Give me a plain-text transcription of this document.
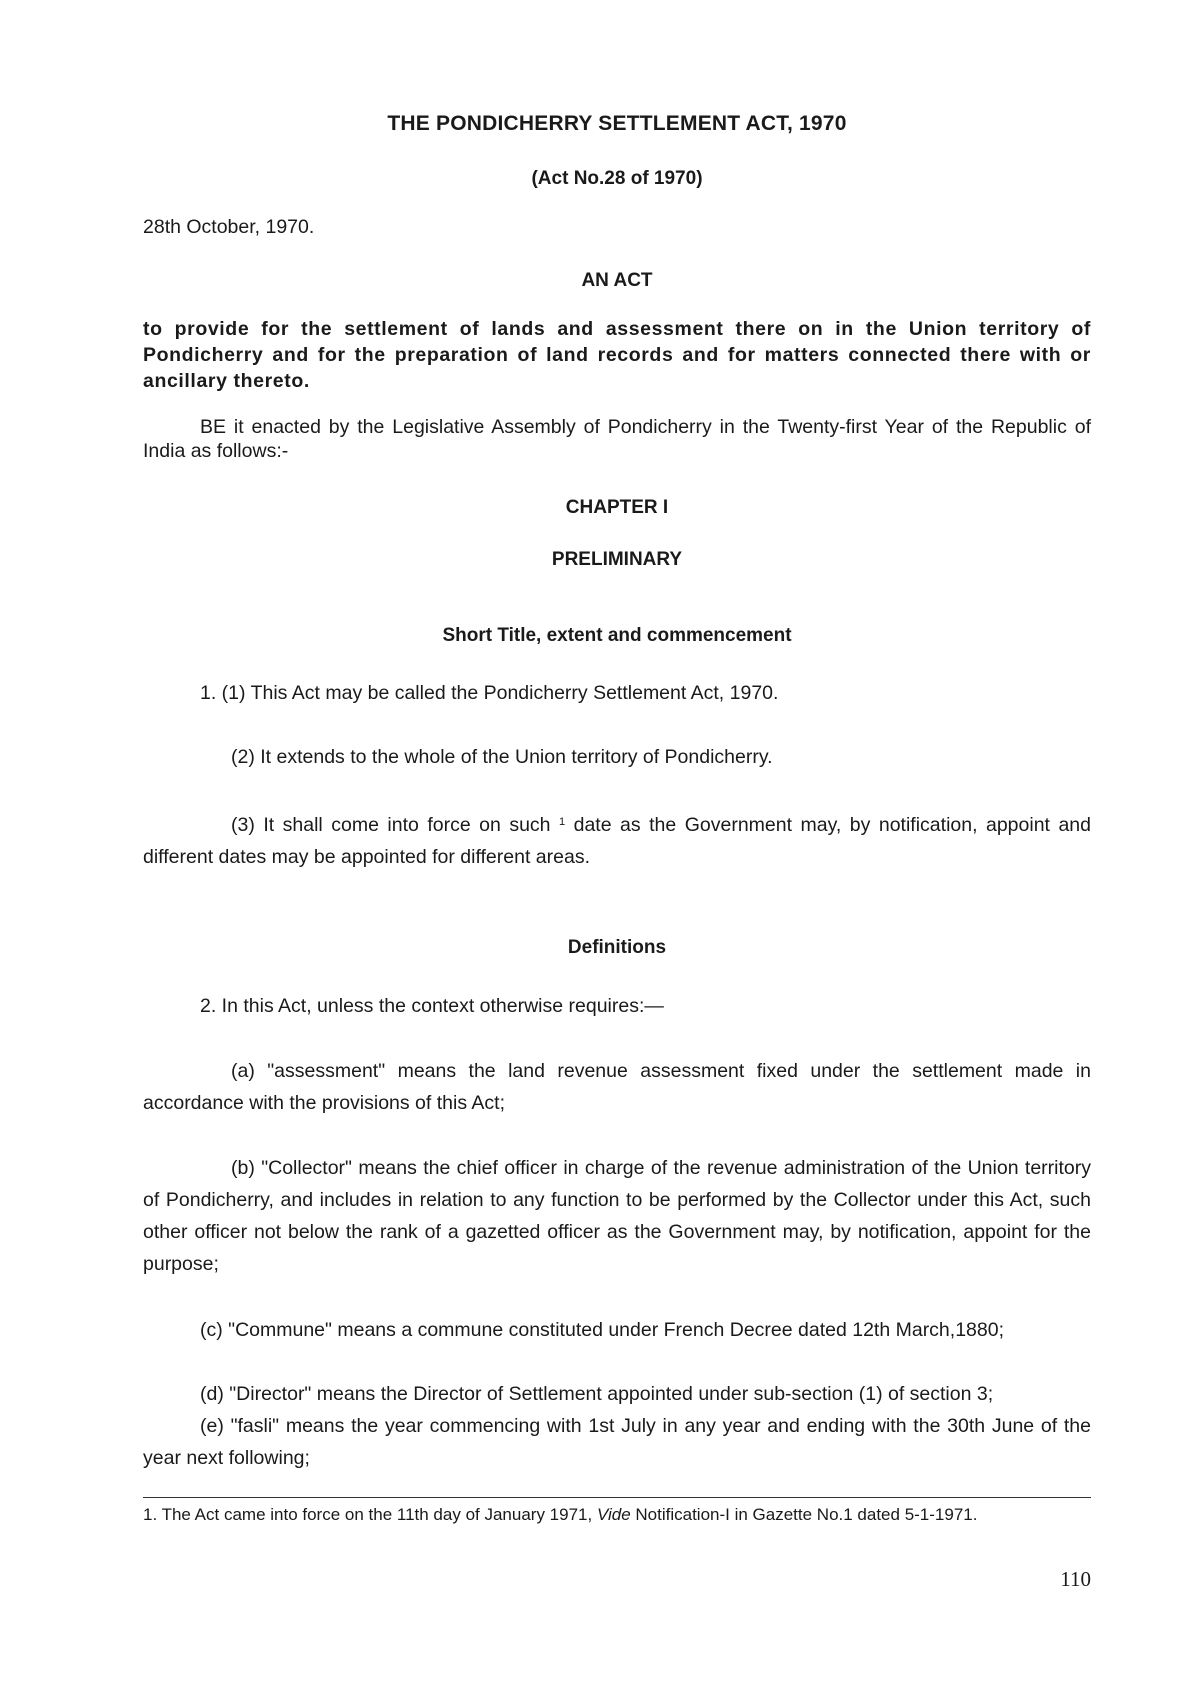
THE PONDICHERRY SETTLEMENT ACT, 1970

(Act No.28 of 1970)

28th October, 1970.

AN ACT

to provide for the settlement of lands and assessment there on in the Union territory of Pondicherry and for the preparation of land records and for matters connected there with or ancillary thereto.

BE it enacted by the Legislative Assembly of Pondicherry in the Twenty-first Year of the Republic of India as follows:-

CHAPTER I

PRELIMINARY

Short Title, extent and commencement

1. (1) This Act may be called the Pondicherry Settlement Act, 1970.

(2) It extends to the whole of the Union territory of Pondicherry.

(3) It shall come into force on such $^1$ date as the Government may, by notification, appoint and different dates may be appointed for different areas.

Definitions

2. In this Act, unless the context otherwise requires:—

(a) "assessment" means the land revenue assessment fixed under the settlement made in accordance with the provisions of this Act;

(b) "Collector" means the chief officer in charge of the revenue administration of the Union territory of Pondicherry, and includes in relation to any function to be performed by the Collector under this Act, such other officer not below the rank of a gazetted officer as the Government may, by notification, appoint for the purpose;

(c) "Commune" means a commune constituted under French Decree dated 12th March,1880;

(d) "Director" means the Director of Settlement appointed under sub-section (1) of section 3;

(e) "fasli" means the year commencing with 1st July in any year and ending with the 30th June of the year next following;

1. The Act came into force on the 11th day of January 1971, Vide Notification-I in Gazette No.1 dated 5-1-1971.

110
